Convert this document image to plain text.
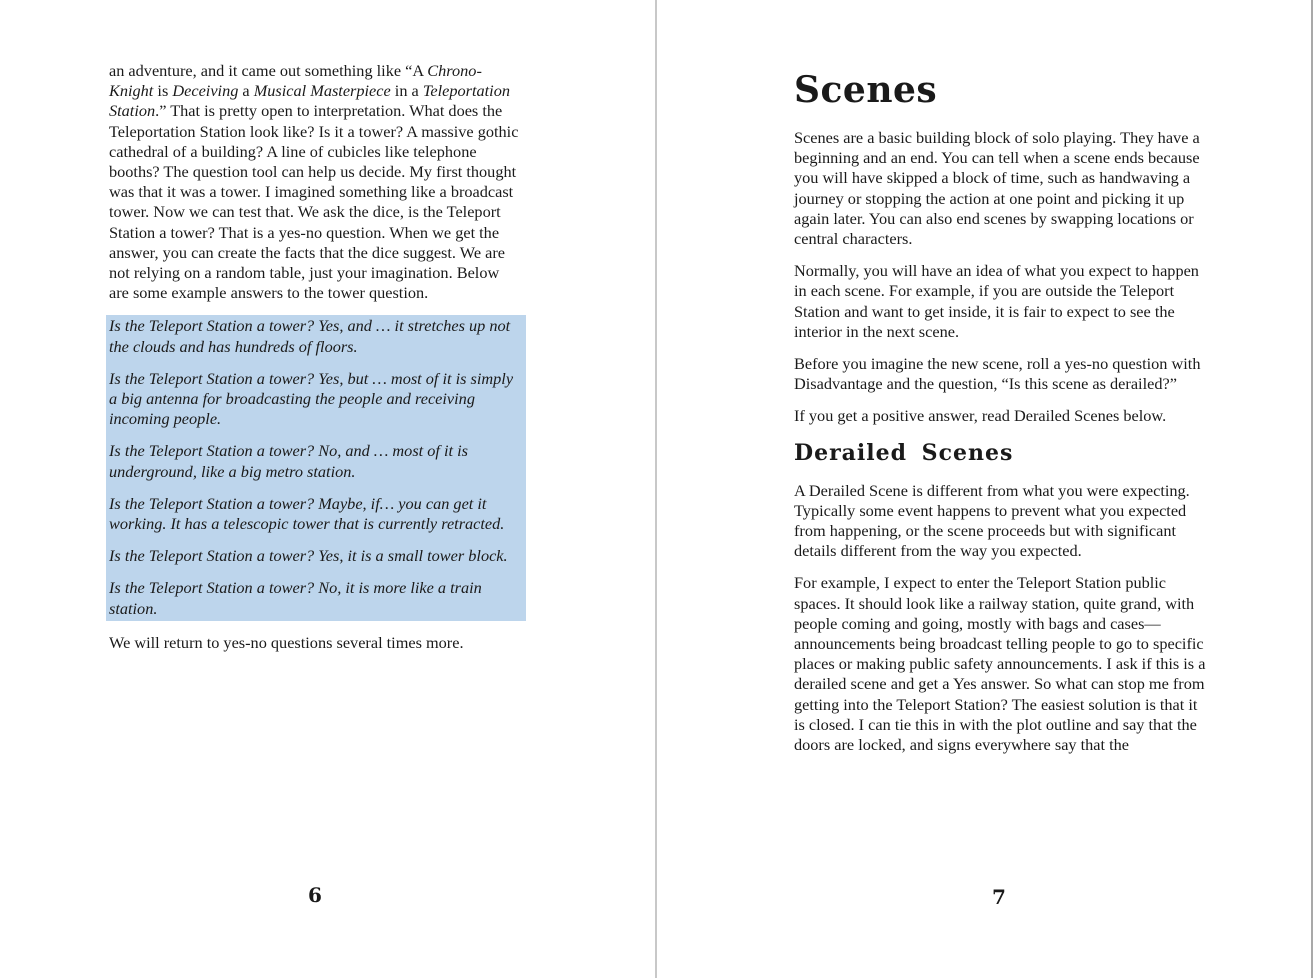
an adventure, and it came out something like “A Chrono-Knight is Deceiving a Musical Masterpiece in a Teleportation Station.” That is pretty open to interpretation. What does the Teleportation Station look like? Is it a tower? A massive gothic cathedral of a building? A line of cubicles like telephone booths? The question tool can help us decide. My first thought was that it was a tower. I imagined something like a broadcast tower. Now we can test that. We ask the dice, is the Teleport Station a tower? That is a yes-no question. When we get the answer, you can create the facts that the dice suggest. We are not relying on a random table, just your imagination. Below are some example answers to the tower question.

Is the Teleport Station a tower? Yes, and … it stretches up not the clouds and has hundreds of floors.

Is the Teleport Station a tower? Yes, but … most of it is simply a big antenna for broadcasting the people and receiving incoming people.

Is the Teleport Station a tower? No, and … most of it is underground, like a big metro station.

Is the Teleport Station a tower? Maybe, if… you can get it working. It has a telescopic tower that is currently retracted.

Is the Teleport Station a tower? Yes, it is a small tower block.

Is the Teleport Station a tower? No, it is more like a train station.

We will return to yes-no questions several times more.

6
Scenes

Scenes are a basic building block of solo playing. They have a beginning and an end. You can tell when a scene ends because you will have skipped a block of time, such as handwaving a journey or stopping the action at one point and picking it up again later. You can also end scenes by swapping locations or central characters.

Normally, you will have an idea of what you expect to happen in each scene. For example, if you are outside the Teleport Station and want to get inside, it is fair to expect to see the interior in the next scene.

Before you imagine the new scene, roll a yes-no question with Disadvantage and the question, “Is this scene as derailed?”

If you get a positive answer, read Derailed Scenes below.

Derailed Scenes

A Derailed Scene is different from what you were expecting. Typically some event happens to prevent what you expected from happening, or the scene proceeds but with significant details different from the way you expected.

For example, I expect to enter the Teleport Station public spaces. It should look like a railway station, quite grand, with people coming and going, mostly with bags and cases—announcements being broadcast telling people to go to specific places or making public safety announcements. I ask if this is a derailed scene and get a Yes answer. So what can stop me from getting into the Teleport Station? The easiest solution is that it is closed. I can tie this in with the plot outline and say that the doors are locked, and signs everywhere say that the

7
